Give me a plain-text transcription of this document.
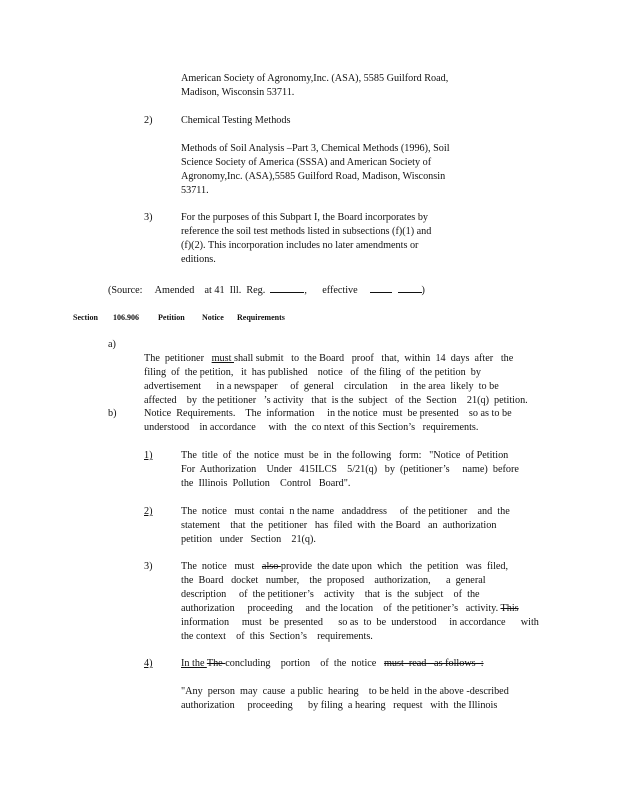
American Society of Agronomy,Inc. (ASA), 5585 Guilford Road,

Madison, Wisconsin 53711.

2)	Chemical Testing Methods

Methods of Soil Analysis –Part 3, Chemical Methods (1996), Soil

Science Society of America (SSSA) and American Society of

Agronomy,Inc. (ASA),5585 Guilford Road, Madison, Wisconsin

53711.

3)	For the purposes of this Subpart I, the Board incorporates by

reference the soil test methods listed in subsections (f)(1) and

(f)(2). This incorporation includes no later amendments or

editions.

(Source:     Amended    at 41  Ill.  Reg.	,      effective	)
Section 106.906 Petition Notice Requirements
a)

The  petitioner   must shall submit   to  the Board   proof   that,  within  14  days  after   the

filing  of  the petition,   it  has published    notice   of  the filing  of  the petition  by

advertisement      in a newspaper     of  general    circulation     in  the area  likely  to be

affected    by  the petitioner   ’s activity   that  is the  subject   of  the  Section    21(q)  petition.

b)	Notice  Requirements.    The  information     in the notice  must  be presented    so as to be

understood    in accordance     with   the  co ntext  of this Section’s   requirements.

1)	The  title  of  the  notice  must  be  in  the following   form:   "Notice  of Petition

For  Authorization    Under   415ILCS    5/21(q)   by  (petitioner’s     name)  before

the  Illinois  Pollution    Control   Board".

2)	The  notice   must  contai  n the name   andaddress     of  the petitioner    and  the

statement    that  the  petitioner   has  filed  with  the Board   an  authorization

petition   under   Section    21(q).

3)	The  notice   must   also provide  the date upon  which   the  petition   was  filed,

the  Board   docket   number,    the  proposed    authorization,      a  general

description     of  the petitioner’s    activity    that  is  the  subject    of  the

authorization     proceeding     and  the location    of  the petitioner’s   activity. This

information     must   be  presented      so as  to  be  understood     in accordance      with

the context    of  this  Section’s    requirements.

4)	In the The concluding    portion    of  the  notice   must  read   as follows  :

"Any  person  may  cause  a public  hearing    to be held  in the above -described

authorization     proceeding      by filing  a hearing   request   with  the Illinois
